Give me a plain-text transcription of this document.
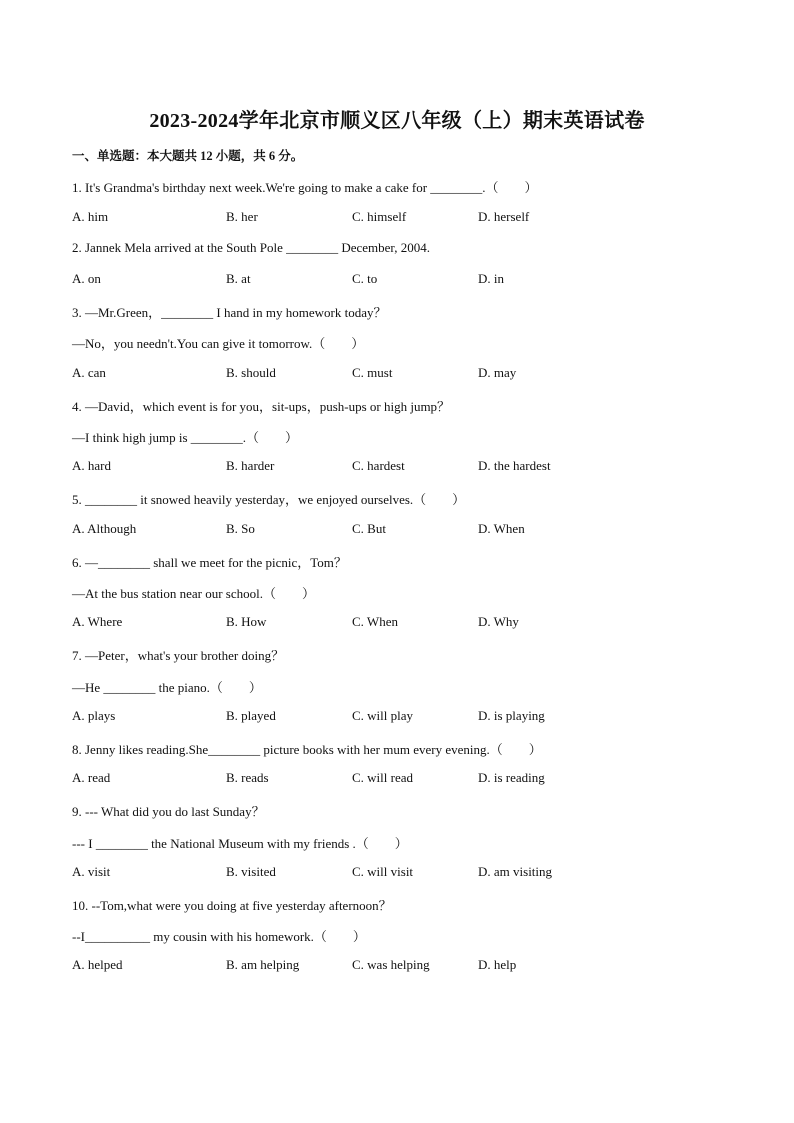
2023-2024学年北京市顺义区八年级（上）期末英语试卷
一、单选题：本大题共 12 小题，共 6 分。
1. It's Grandma's birthday next week.We're going to make a cake for ________.（　　）
A. him	B. her	C. himself	D. herself
2. Jannek Mela arrived at the South Pole ________ December, 2004.
A. on	B. at	C. to	D. in
3. —Mr.Green，________ I hand in my homework today？
—No，you needn't.You can give it tomorrow.（　　）
A. can	B. should	C. must	D. may
4. —David，which event is for you，sit-ups，push-ups or high jump？
—I think high jump is ________.（　　）
A. hard	B. harder	C. hardest	D. the hardest
5. ________ it snowed heavily yesterday，we enjoyed ourselves.（　　）
A. Although	B. So	C. But	D. When
6. —________ shall we meet for the picnic，Tom？
—At the bus station near our school.（　　）
A. Where	B. How	C. When	D. Why
7. —Peter，what's your brother doing？
—He ________ the piano.（　　）
A. plays	B. played	C. will play	D. is playing
8. Jenny likes reading.She________ picture books with her mum every evening.（　　）
A. read	B. reads	C. will read	D. is reading
9. --- What did you do last Sunday？
--- I ________ the National Museum with my friends .（　　）
A. visit	B. visited	C. will visit	D. am visiting
10. --Tom,what were you doing at five yesterday afternoon？
--I__________ my cousin with his homework.（　　）
A. helped	B. am helping	C. was helping	D. help
